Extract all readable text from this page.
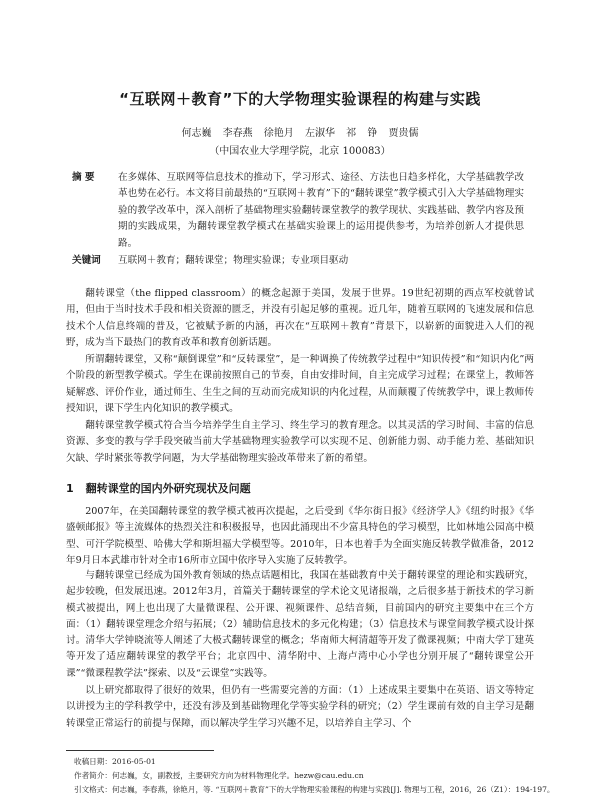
“互联网＋教育”下的大学物理实验课程的构建与实践
何志巍 李春燕 徐艳月 左淑华 祁 铮 贾贵儒
（中国农业大学理学院，北京 100083）
摘 要	在多媒体、互联网等信息技术的推动下，学习形式、途径、方法也日趋多样化，大学基础教学改革也势在必行。本文将目前最热的“互联网＋教育”下的“翻转课堂”教学模式引入大学基础物理实验的教学改革中，深入剖析了基础物理实验翻转课堂教学的教学现状、实践基础、教学内容及预期的实践成果，为翻转课堂教学模式在基础实验课上的运用提供参考，为培养创新人才提供思路。
关键词 互联网＋教育；翻转课堂；物理实验课；专业项目驱动

翻转课堂（the flipped classroom）的概念起源于美国，发展于世界。19世纪初期的西点军校就曾试用，但由于当时技术手段和相关资源的匮乏，并没有引起足够的重视。近几年，随着互联网的飞速发展和信息技术个人信息终端的普及，它被赋予新的内涵，再次在“互联网＋教育”背景下，以崭新的面貌进入人们的视野，成为当下最热门的教育改革和教育创新话题。

所谓翻转课堂，又称“颠倒课堂”和“反转课堂”，是一种调换了传统教学过程中“知识传授”和“知识内化”两个阶段的新型教学模式。学生在课前按照自己的节奏，自由安排时间，自主完成学习过程；在课堂上，教师答疑解惑、评价作业，通过师生、生生之间的互动而完成知识的内化过程，从而颠覆了传统教学中，课上教师传授知识，课下学生内化知识的教学模式。

翻转课堂教学模式符合当今培养学生自主学习、终生学习的教育理念。以其灵活的学习时间、丰富的信息资源、多变的教与学手段突破当前大学基础物理实验教学可以实现不足、创新能力弱、动手能力差、基础知识欠缺、学时紧张等教学问题，为大学基础物理实验改革带来了新的希望。

1 翻转课堂的国内外研究现状及问题

2007年，在美国翻转课堂的教学模式被再次提起，之后受到《华尔街日报》《经济学人》《纽约时报》《华盛顿邮报》等主流媒体的热烈关注和积极报导，也因此涌现出不少富具特色的学习模型，比如林地公园高中模型、可汗学院模型、哈佛大学和斯坦福大学模型等。2010年，日本也着手为全面实施反转教学做准备，2012年9月日本武雄市针对全市16所市立国中依序导入实施了反转教学。

与翻转课堂已经成为国外教育领域的热点话题相比，我国在基础教育中关于翻转课堂的理论和实践研究，起步较晚，但发展迅速。2012年3月，首篇关于翻转课堂的学术论文见诸报端，之后很多基于新技术的学习新模式被提出，网上也出现了大量微课程、公开课、视频课件、总结音频，目前国内的研究主要集中在三个方面：（1）翻转课堂理念介绍与拓展；（2）辅助信息技术的多元化构建；（3）信息技术与课堂间教学模式设计探讨。清华大学钟晓流等人阐述了大极式翻转课堂的概念；华南师大柯清超等开发了微课视频；中南大学丁建英等开发了适应翻转课堂的教学平台；北京四中、清华附中、上海卢湾中心小学也分别开展了“翻转课堂公开课”“微课程教学法”探索、以及“云课堂”实践等。

以上研究都取得了很好的效果，但仍有一些需要完善的方面：（1）上述成果主要集中在英语、语文等特定以讲授为主的学科教学中，还没有涉及到基础物理化学等实验学科的研究；（2）学生课前有效的自主学习是翻转课堂正常运行的前提与保障，而以解决学生学习兴趣不足，以培养自主学习、个

收稿日期：2016-05-01
作者简介：何志巍，女，副教授，主要研究方向为材料物理化学。hezw@cau.edu.cn
引文格式：何志巍，李春燕，徐艳月，等. “互联网＋教育”下的大学物理实验课程的构建与实践[J]. 物理与工程，2016，26（Z1）：194-197。
